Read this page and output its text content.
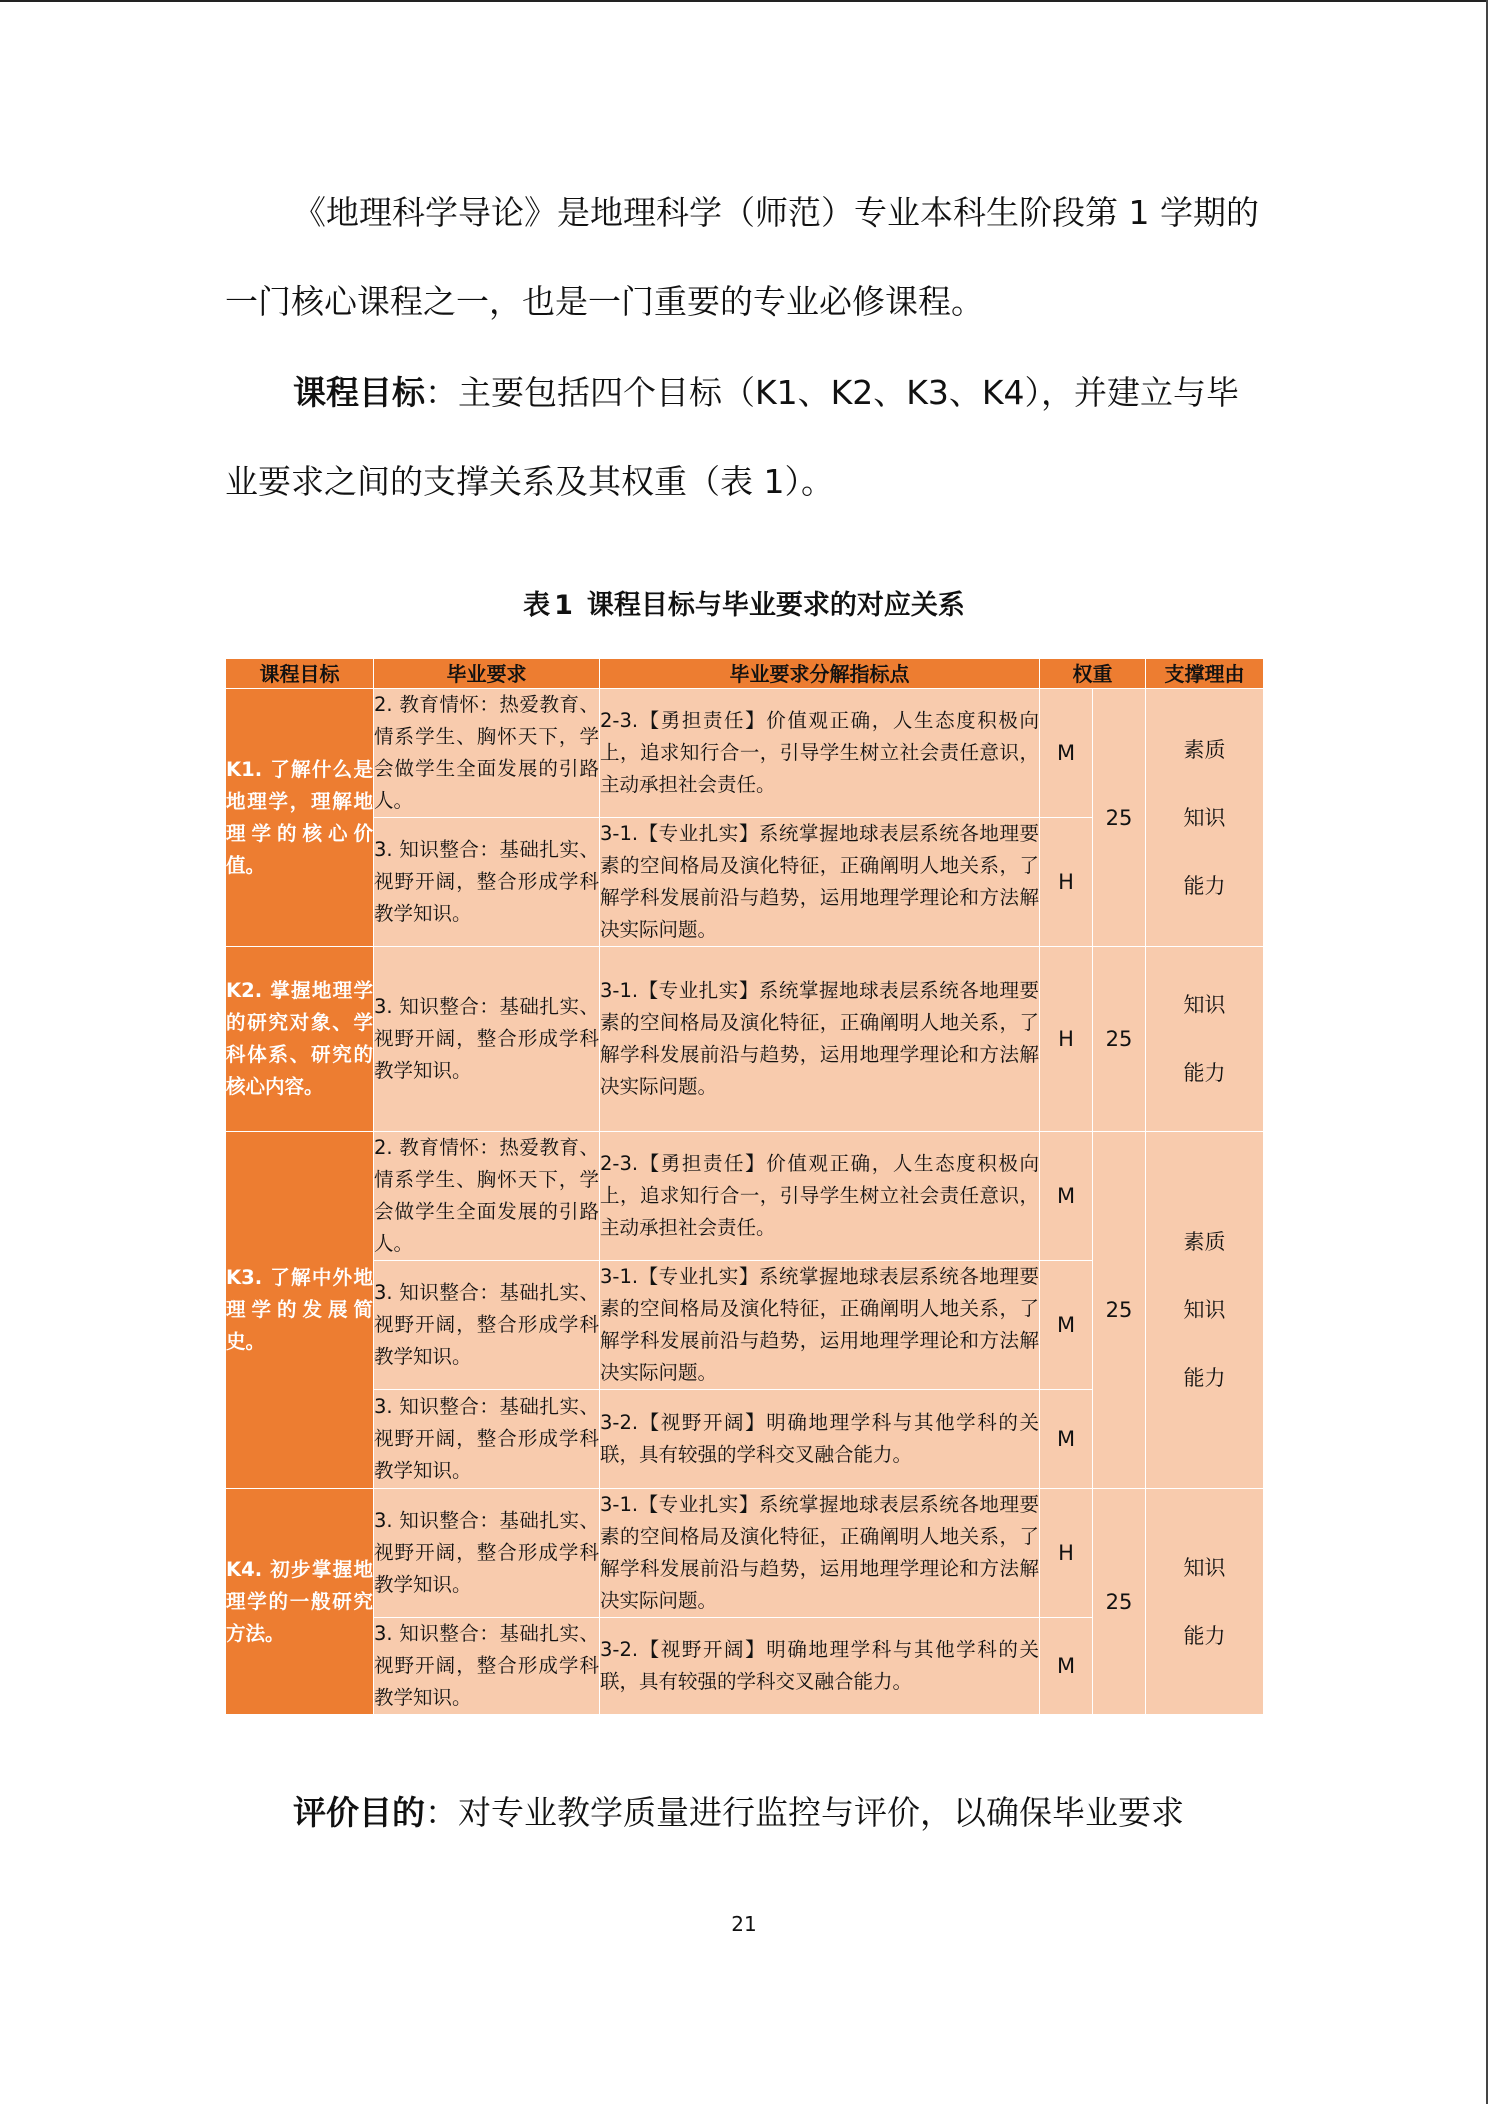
《地理科学导论》是地理科学（师范）专业本科生阶段第 1 学期的一门核心课程之一，也是一门重要的专业必修课程。

课程目标：主要包括四个目标（K1、K2、K3、K4），并建立与毕业要求之间的支撑关系及其权重（表 1）。

表 1 课程目标与毕业要求的对应关系
课程目标	毕业要求	毕业要求分解指标点	权重		支撑理由
K1. 了解什么是地理学，理解地理学的核心价值。	2. 教育情怀：热爱教育、情系学生、胸怀天下，学会做学生全面发展的引路人。	2-3.【勇担责任】价值观正确，人生态度积极向上，追求知行合一，引导学生树立社会责任意识，主动承担社会责任。	M	25	素质
知识
能力

	3. 知识整合：基础扎实、视野开阔，整合形成学科教学知识。	3-1.【专业扎实】系统掌握地球表层系统各地理要素的空间格局及演化特征，正确阐明人地关系，了解学科发展前沿与趋势，运用地理学理论和方法解决实际问题。	H		
K2. 掌握地理学的研究对象、学科体系、研究的核心内容。	3. 知识整合：基础扎实、视野开阔，整合形成学科教学知识。	3-1.【专业扎实】系统掌握地球表层系统各地理要素的空间格局及演化特征，正确阐明人地关系，了解学科发展前沿与趋势，运用地理学理论和方法解决实际问题。	H	25	知识
能力

K3. 了解中外地理学的发展简史。	2. 教育情怀：热爱教育、情系学生、胸怀天下，学会做学生全面发展的引路人。	2-3.【勇担责任】价值观正确，人生态度积极向上，追求知行合一，引导学生树立社会责任意识，主动承担社会责任。	M	25	素质
知识
能力

	3. 知识整合：基础扎实、视野开阔，整合形成学科教学知识。	3-1.【专业扎实】系统掌握地球表层系统各地理要素的空间格局及演化特征，正确阐明人地关系，了解学科发展前沿与趋势，运用地理学理论和方法解决实际问题。	M		
	3. 知识整合：基础扎实、视野开阔，整合形成学科教学知识。	3-2.【视野开阔】明确地理学科与其他学科的关联，具有较强的学科交叉融合能力。	M		
K4. 初步掌握地理学的一般研究方法。	3. 知识整合：基础扎实、视野开阔，整合形成学科教学知识。	3-1.【专业扎实】系统掌握地球表层系统各地理要素的空间格局及演化特征，正确阐明人地关系，了解学科发展前沿与趋势，运用地理学理论和方法解决实际问题。	H	25	知识
能力

	3. 知识整合：基础扎实、视野开阔，整合形成学科教学知识。	3-2.【视野开阔】明确地理学科与其他学科的关联，具有较强的学科交叉融合能力。	M		

评价目的：对专业教学质量进行监控与评价，以确保毕业要求

21
